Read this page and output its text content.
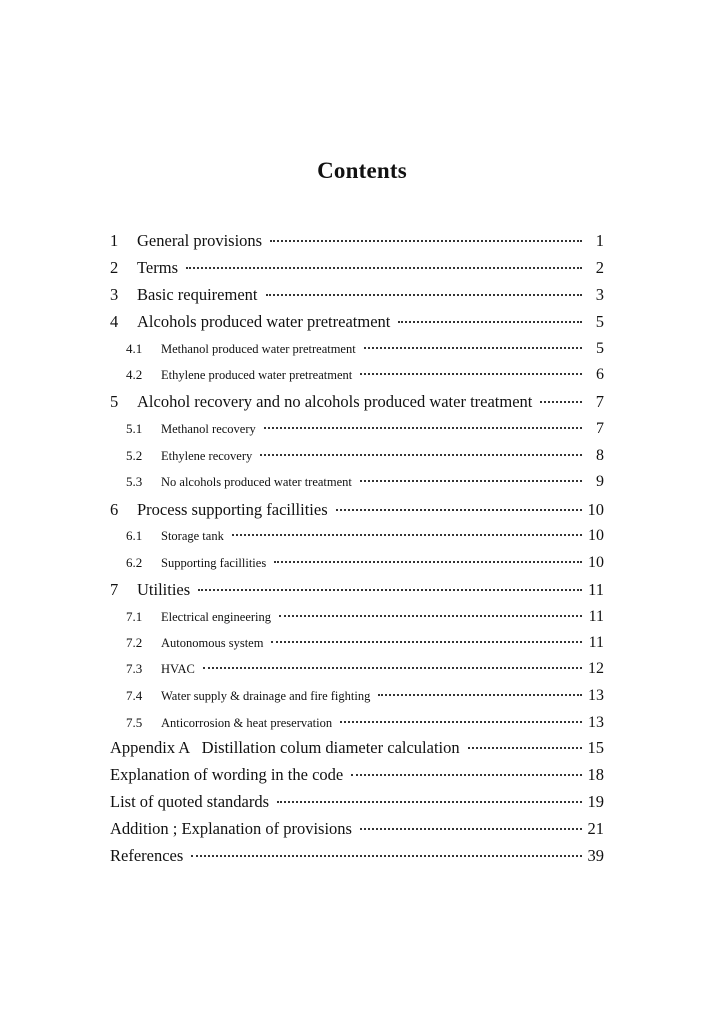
Contents
1	General provisions	1
2	Terms	2
3	Basic requirement	3
4	Alcohols produced water pretreatment	5
4.1	Methanol produced water pretreatment	5
4.2	Ethylene produced water pretreatment	6
5	Alcohol recovery and no alcohols produced water treatment	7
5.1	Methanol recovery	7
5.2	Ethylene recovery	8
5.3	No alcohols produced water treatment	9
6	Process supporting facillities	10
6.1	Storage tank	10
6.2	Supporting facillities	10
7	Utilities	11
7.1	Electrical engineering	11
7.2	Autonomous system	11
7.3	HVAC	12
7.4	Water supply & drainage and fire fighting	13
7.5	Anticorrosion & heat preservation	13
Appendix A   Distillation colum diameter calculation	15
Explanation of wording in the code	18
List of quoted standards	19
Addition ; Explanation of provisions	21
References	39
